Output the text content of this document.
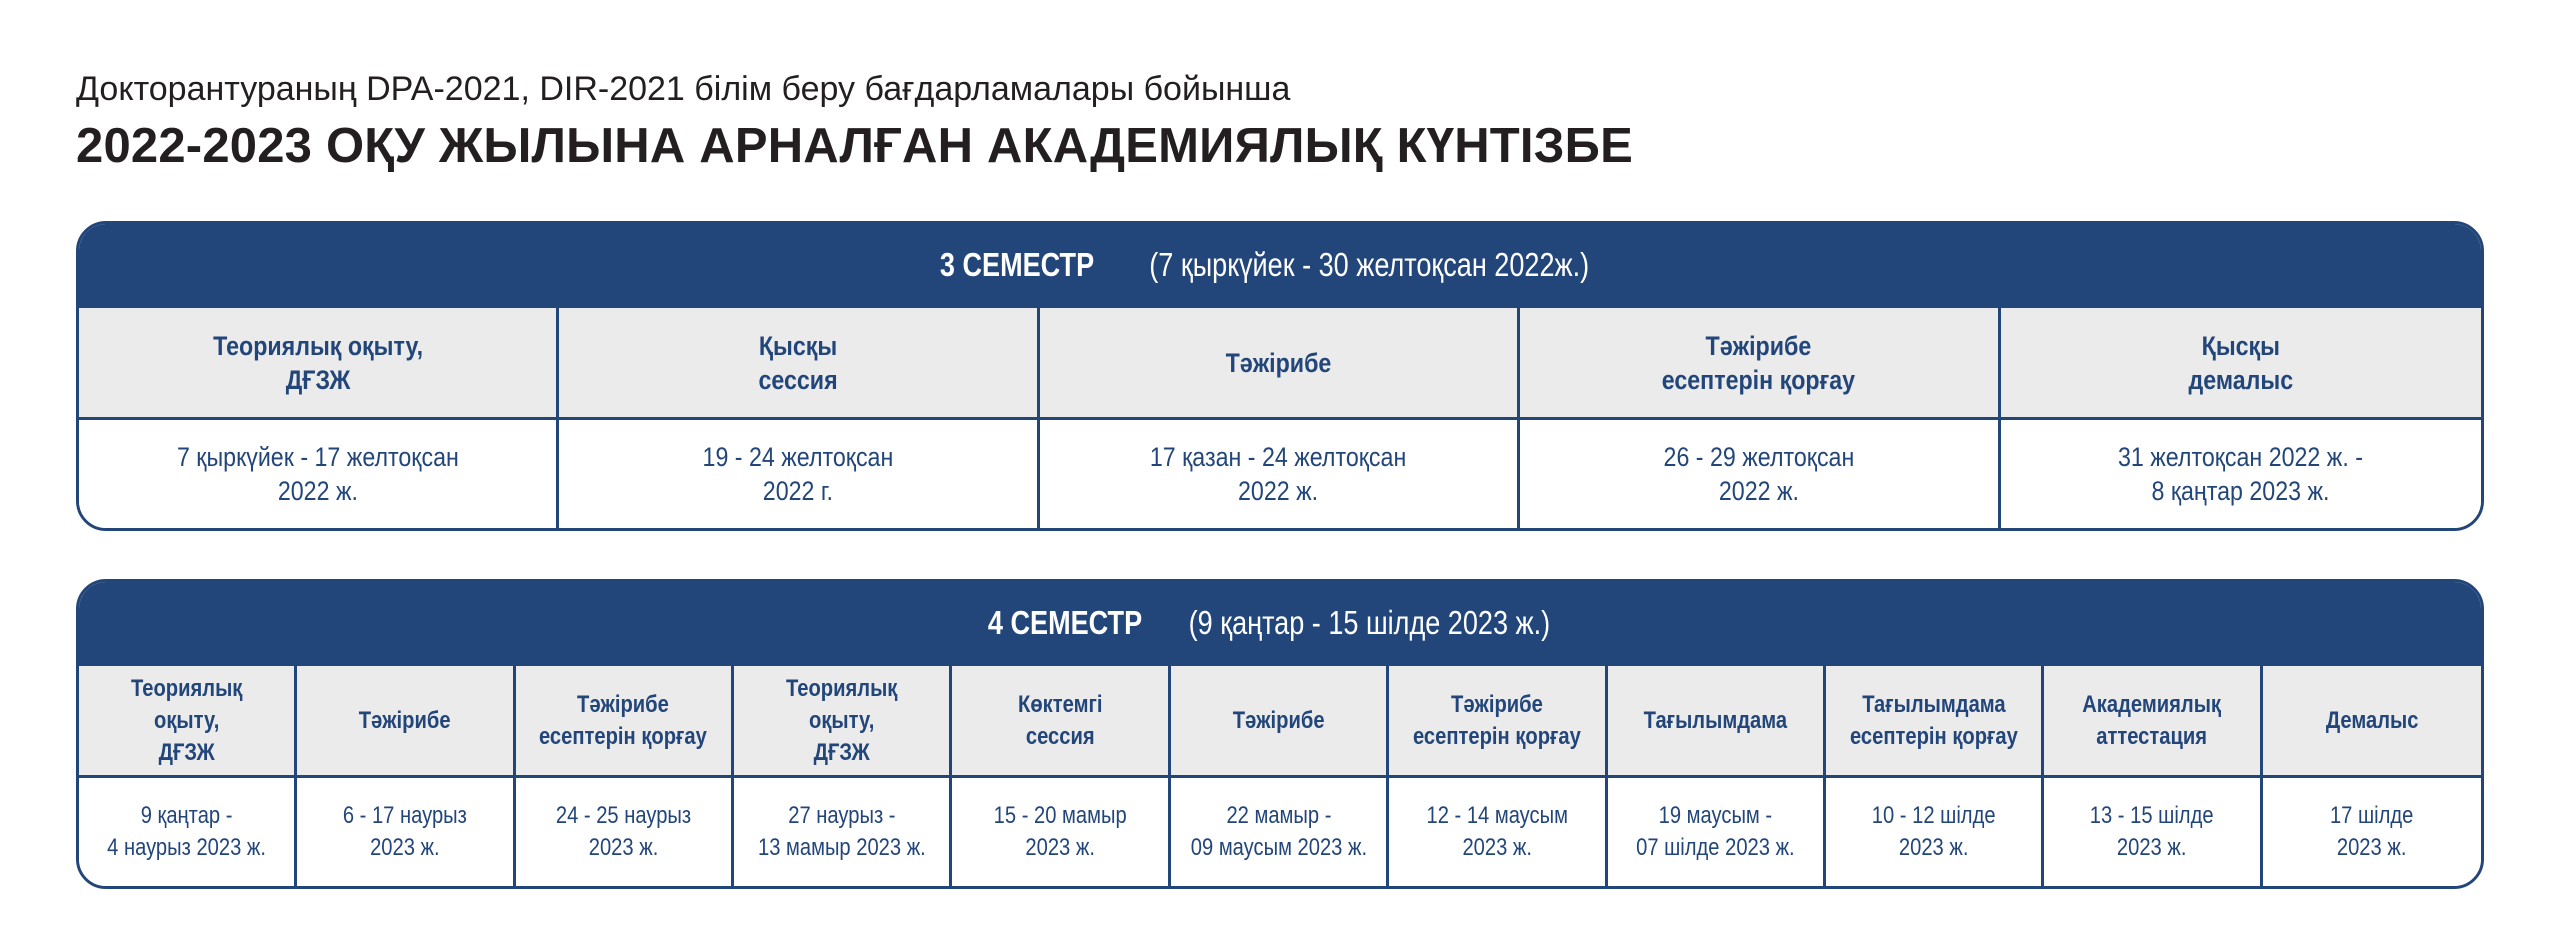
Докторантураның DPA-2021, DIR-2021 білім беру бағдарламалары бойынша
2022-2023 ОҚУ ЖЫЛЫНА АРНАЛҒАН АКАДЕМИЯЛЫҚ КҮНТІЗБЕ
3 СЕМЕСТР (7 қыркүйек - 30 желтоқсан 2022ж.)
Теориялық оқыту,
ДҒЗЖ
Қысқы
сессия
Тәжірибе
Тәжірибе
есептерін қорғау
Қысқы
демалыс
7 қыркүйек - 17 желтоқсан
2022 ж.
19 - 24 желтоқсан
2022 г.
17 қазан - 24 желтоқсан
2022 ж.
26 - 29 желтоқсан
2022 ж.
31 желтоқсан 2022 ж. -
8 қаңтар 2023 ж.
4 СЕМЕСТР (9 қаңтар - 15 шілде 2023 ж.)
Теориялық оқыту,
ДҒЗЖ
Тәжірибе
Тәжірибе
есептерін қорғау
Теориялық оқыту,
ДҒЗЖ
Көктемгі
сессия
Тәжірибе
Тәжірибе
есептерін қорғау
Тағылымдама
Тағылымдама
есептерін қорғау
Академиялық
аттестация
Демалыс
9 қаңтар -
4 наурыз 2023 ж.
6 - 17 наурыз
2023 ж.
24 - 25 наурыз
2023 ж.
27 наурыз -
13 мамыр 2023 ж.
15 - 20 мамыр
2023 ж.
22 мамыр -
09 маусым 2023 ж.
12 - 14 маусым
2023 ж.
19 маусым -
07 шілде 2023 ж.
10 - 12 шілде
2023 ж.
13 - 15 шілде
2023 ж.
17 шілде
2023 ж.
